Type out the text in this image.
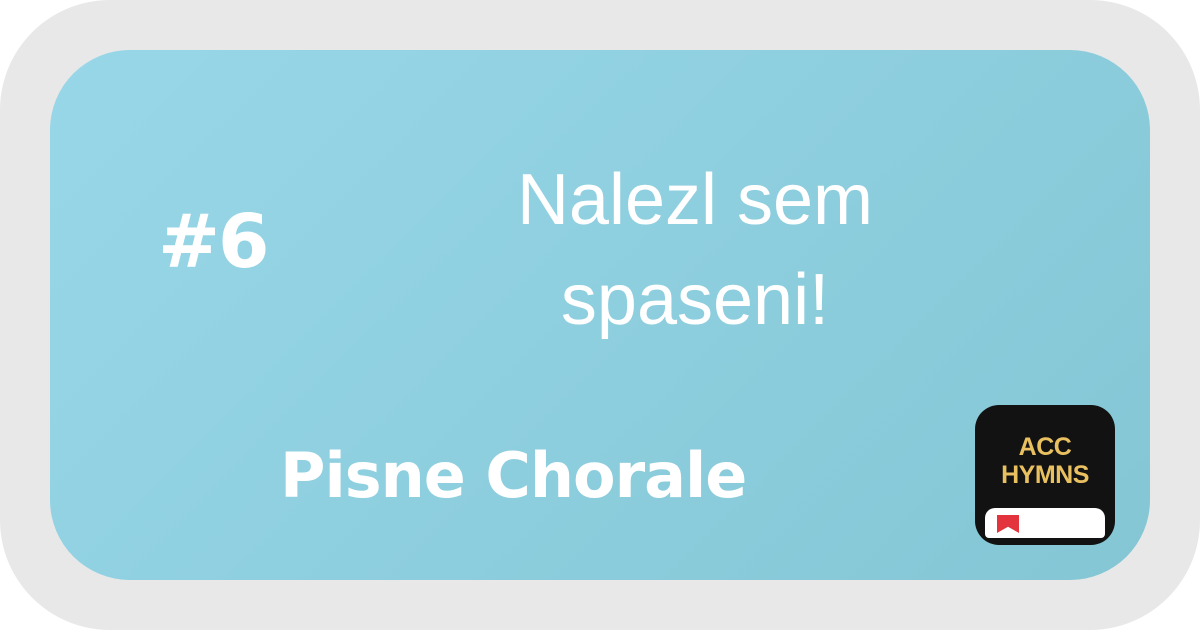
#6	Nalezl sem
spaseni!
Pisne Chorale	ACC
HYMNS
